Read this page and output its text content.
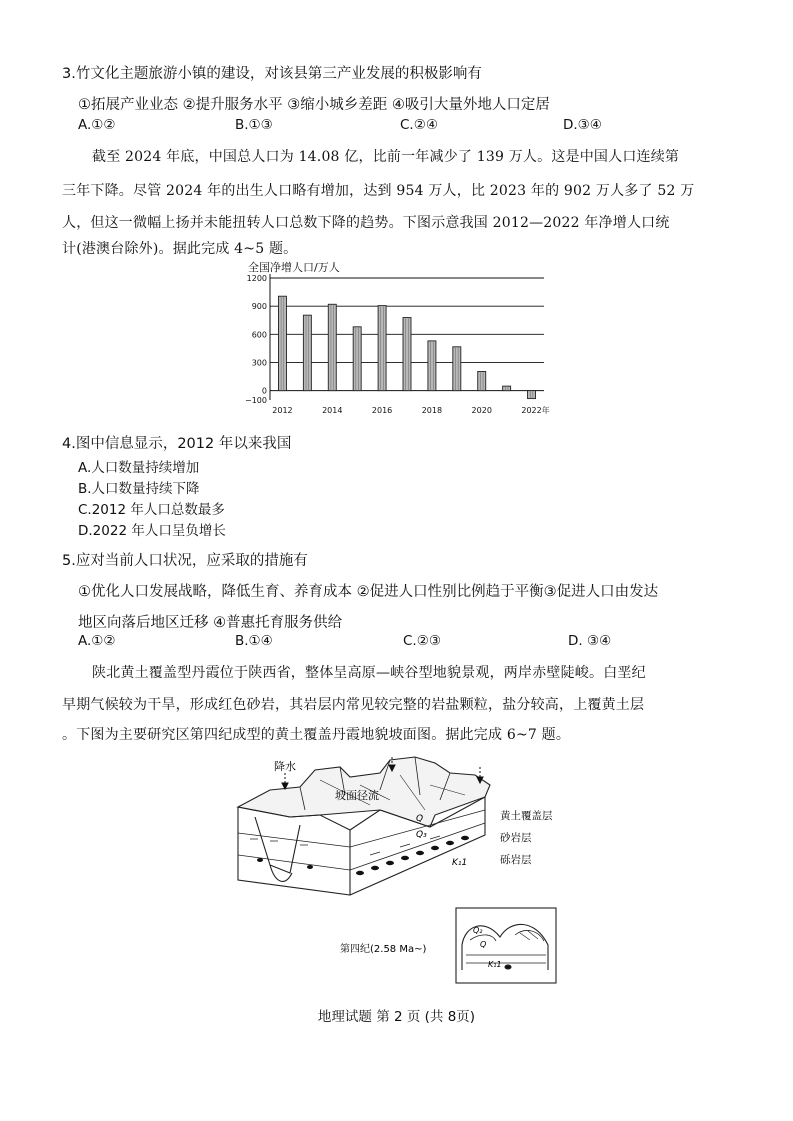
3.竹文化主题旅游小镇的建设，对该县第三产业发展的积极影响有
①拓展产业业态 ②提升服务水平 ③缩小城乡差距 ④吸引大量外地人口定居
A.①②	B.①③	C.②④	D.③④
截至 2024 年底，中国总人口为 14.08 亿，比前一年减少了 139 万人。这是中国人口连续第
三年下降。尽管 2024 年的出生人口略有增加，达到 954 万人，比 2023 年的 902 万人多了 52 万
人，但这一微幅上扬并未能扭转人口总数下降的趋势。下图示意我国 2012—2022 年净增人口统
计(港澳台除外)。据此完成 4~5 题。
全国净增人口/万人
1200
900
600
300
0
−100
2012	2014	2016	2018	2020	2022年
4.图中信息显示，2012 年以来我国
A.人口数量持续增加
B.人口数量持续下降
C.2012 年人口总数最多
D.2022 年人口呈负增长
5.应对当前人口状况，应采取的措施有
①优化人口发展战略，降低生育、养育成本 ②促进人口性别比例趋于平衡③促进人口由发达
地区向落后地区迁移 ④普惠托育服务供给
A.①②	B.①④	C.②③	D. ③④
陕北黄土覆盖型丹霞位于陕西省，整体呈高原—峡谷型地貌景观，两岸赤壁陡峻。白垩纪
早期气候较为干旱，形成红色砂岩，其岩层内常见较完整的岩盐颗粒，盐分较高，上覆黄土层
。下图为主要研究区第四纪成型的黄土覆盖丹霞地貌坡面图。据此完成 6~7 题。
降水
坡面径流
Q
Q₃
K₁1
黄土覆盖层
砂岩层
砾岩层
第四纪(2.58 Ma~)
Q₂
Q
K₁1
地理试题 第 2 页 (共 8页)
